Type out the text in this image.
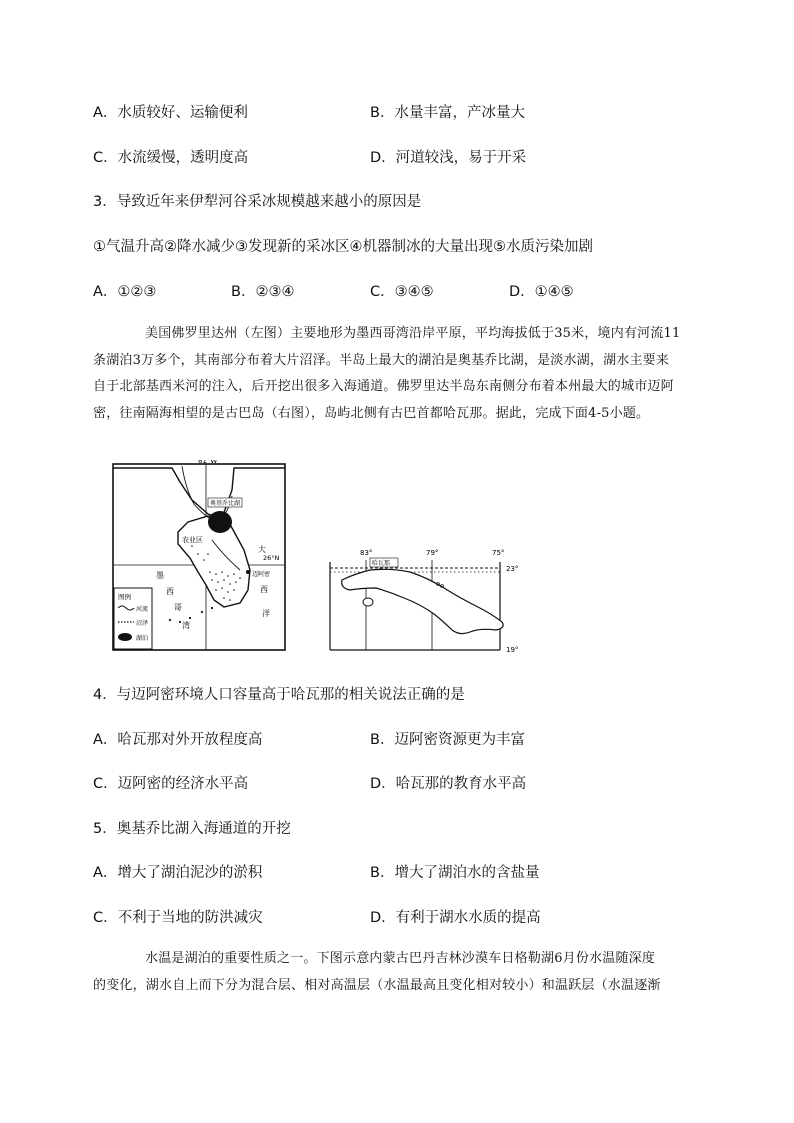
A．水质较好、运输便利	B．水量丰富，产冰量大
C．水流缓慢，透明度高	D．河道较浅，易于开采
3．导致近年来伊犁河谷采冰规模越来越小的原因是
①气温升高②降水减少③发现新的采冰区④机器制冰的大量出现⑤水质污染加剧
A．①②③	B．②③④	C．③④⑤	D．①④⑤
美国佛罗里达州（左图）主要地形为墨西哥湾沿岸平原，平均海拔低于35米，境内有河流11
条湖泊3万多个，其南部分布着大片沼泽。半岛上最大的湖泊是奥基乔比湖，是淡水湖，湖水主要来
自于北部基西米河的注入，后开挖出很多入海通道。佛罗里达半岛东南侧分布着本州最大的城市迈阿
密，往南隔海相望的是古巴岛（右图），岛屿北侧有古巴首都哈瓦那。据此，完成下面4-5小题。
81°W
26°N
奥基乔比湖
农业区
迈阿密
墨
西
哥
湾
大
西
洋
图例
河流
沼泽
湖泊
83°	79°	75°
23°
19°
哈瓦那
4．与迈阿密环境人口容量高于哈瓦那的相关说法正确的是
A．哈瓦那对外开放程度高	B．迈阿密资源更为丰富
C．迈阿密的经济水平高	D．哈瓦那的教育水平高
5．奥基乔比湖入海通道的开挖
A．增大了湖泊泥沙的淤积	B．增大了湖泊水的含盐量
C．不利于当地的防洪减灾	D．有利于湖水水质的提高
水温是湖泊的重要性质之一。下图示意内蒙古巴丹吉林沙漠车日格勒湖6月份水温随深度
的变化，湖水自上而下分为混合层、相对高温层（水温最高且变化相对较小）和温跃层（水温逐渐
